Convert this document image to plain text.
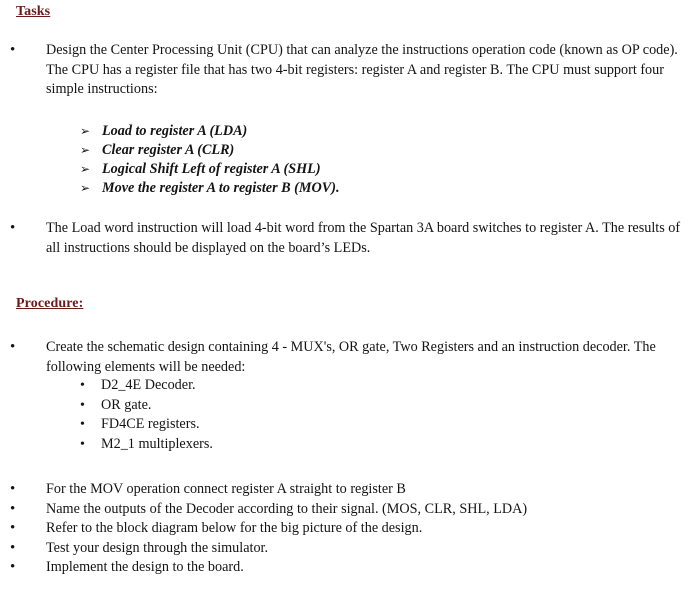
Tasks
• Design the Center Processing Unit (CPU) that can analyze the instructions operation code (known as OP code). The CPU has a register file that has two 4-bit registers: register A and register B. The CPU must support four simple instructions:
➢ Load to register A (LDA)
➢ Clear register A (CLR)
➢ Logical Shift Left of register A (SHL)
➢ Move the register A to register B (MOV).
• The Load word instruction will load 4-bit word from the Spartan 3A board switches to register A. The results of all instructions should be displayed on the board’s LEDs.
Procedure:
• Create the schematic design containing 4 - MUX's, OR gate, Two Registers and an instruction decoder. The following elements will be needed:
• D2_4E Decoder.
• OR gate.
• FD4CE registers.
• M2_1 multiplexers.
• For the MOV operation connect register A straight to register B
• Name the outputs of the Decoder according to their signal. (MOS, CLR, SHL, LDA)
• Refer to the block diagram below for the big picture of the design.
• Test your design through the simulator.
• Implement the design to the board.
